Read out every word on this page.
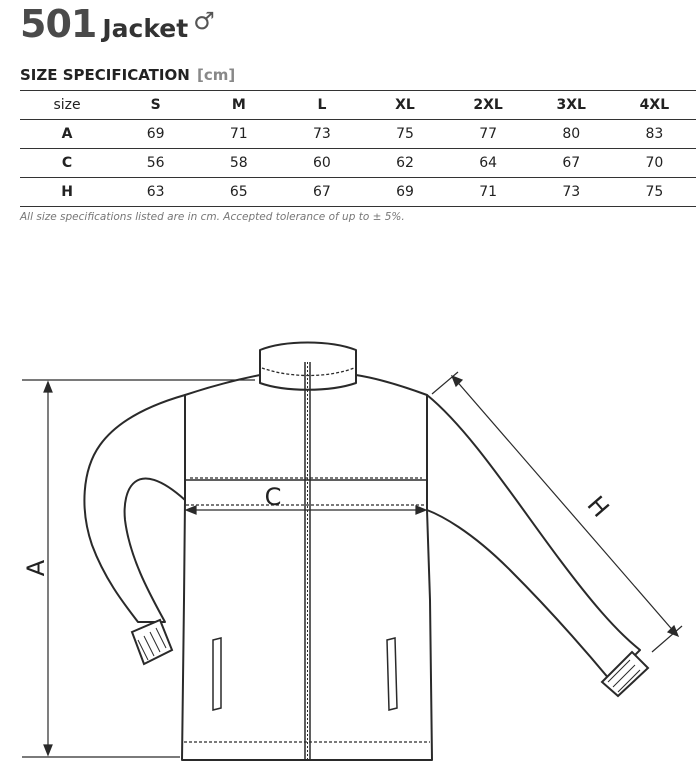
501 Jacket ♂
SIZE SPECIFICATION [cm]
size	S	M	L	XL	2XL	3XL	4XL
A	69	71	73	75	77	80	83
C	56	58	60	62	64	67	70
H	63	65	67	69	71	73	75
All size specifications listed are in cm. Accepted tolerance of up to ± 5%.
A
C	H
